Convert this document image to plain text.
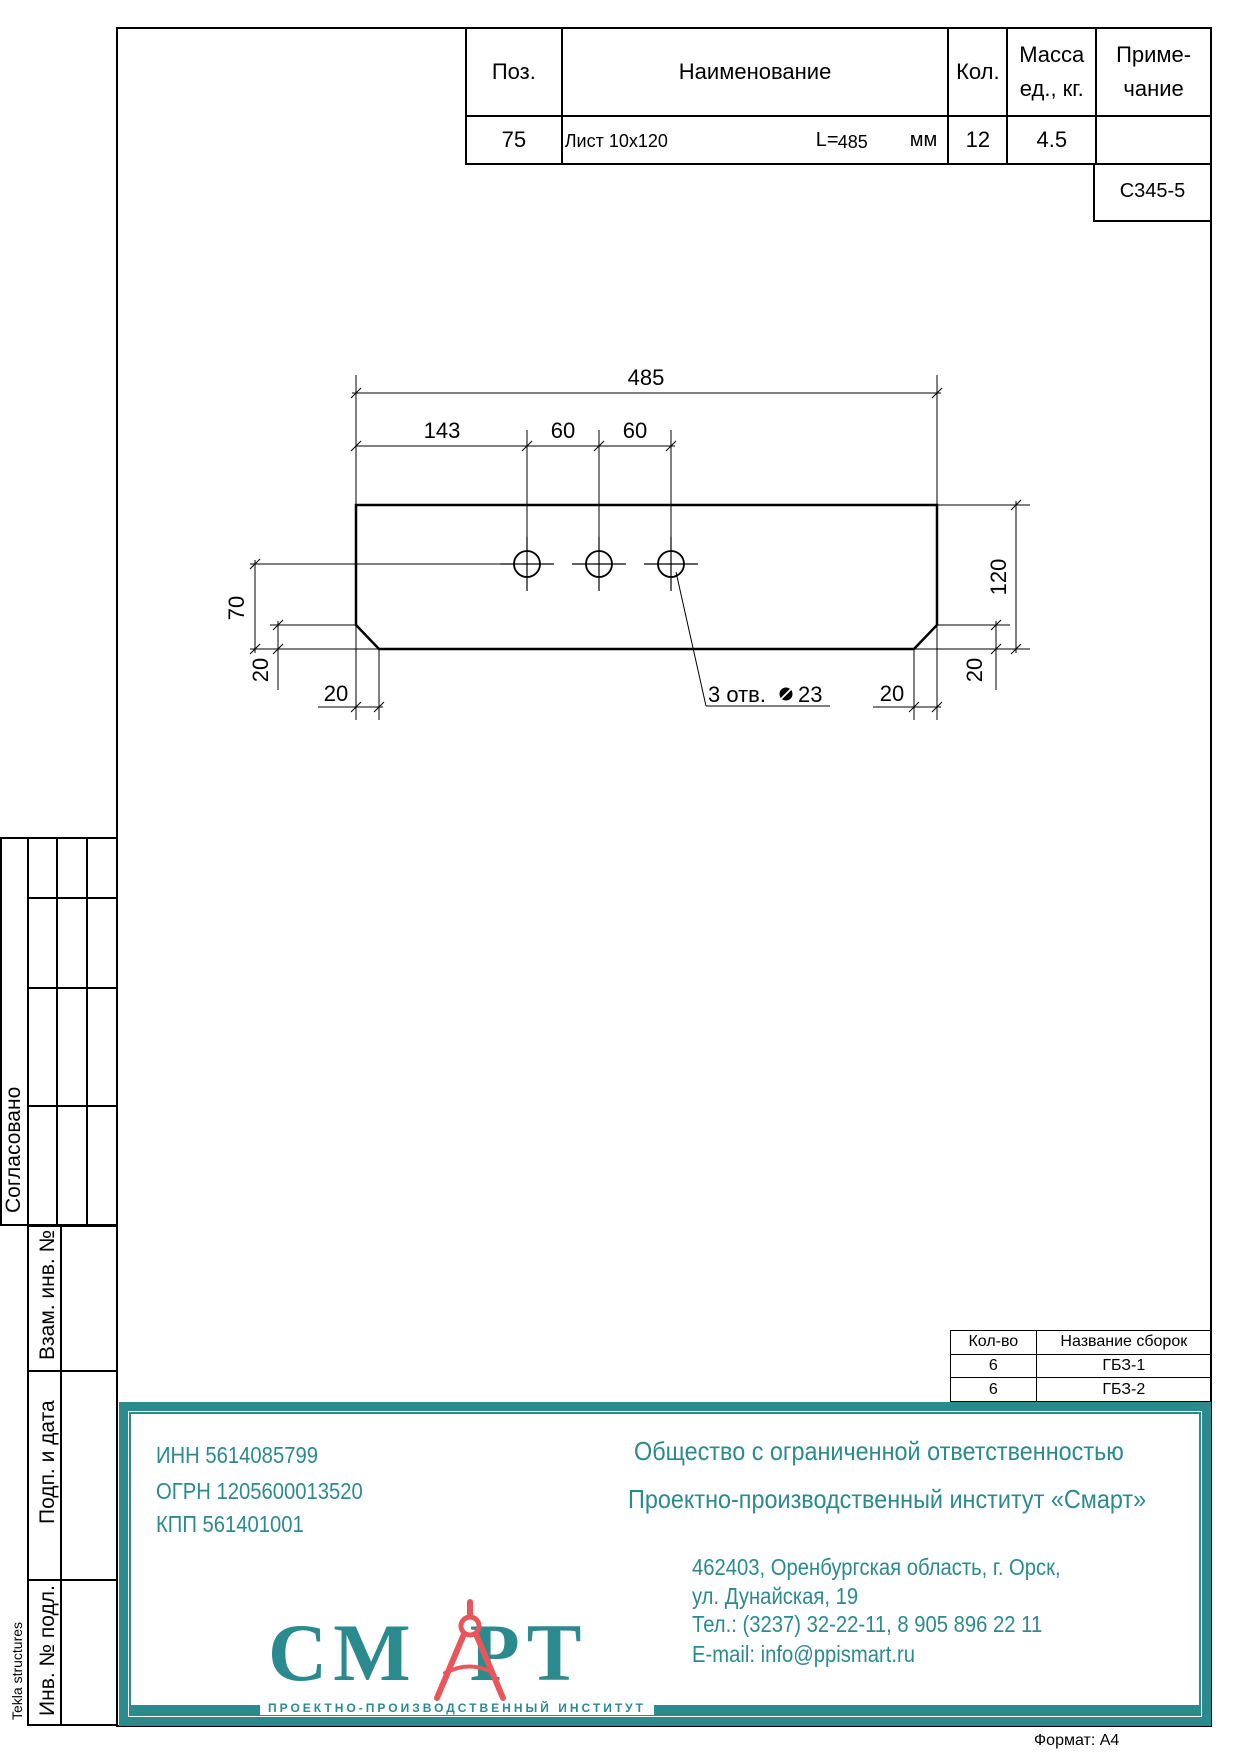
Поз.	Наименование	Кол.	Масса ед., кг.	Приме- чание
75	Лист 10x120 L= 485 мм	12	4.5	
С345-5
485
143	60 60
20	20
120
20
70
20
3 отв. 23
Кол-во	Название сборок
6	ГБЗ-1
6	ГБЗ-2
ИНН 5614085799
ОГРН 1205600013520
КПП 561401001
Общество с ограниченной ответственностью
Проектно-производственный институт «Смарт»
462403, Оренбургская область, г. Орск,
ул. Дунайская, 19
Тел.: (3237) 32-22-11, 8 905 896 22 11
E-mail: info@ppismart.ru
СМ  РТ
ПРОЕКТНО-ПРОИЗВОДСТВЕННЫЙ ИНСТИТУТ
Согласовано
Взам. инв. №
Подп. и дата
Инв. № подл.
Tekla structures
Формат: А4
